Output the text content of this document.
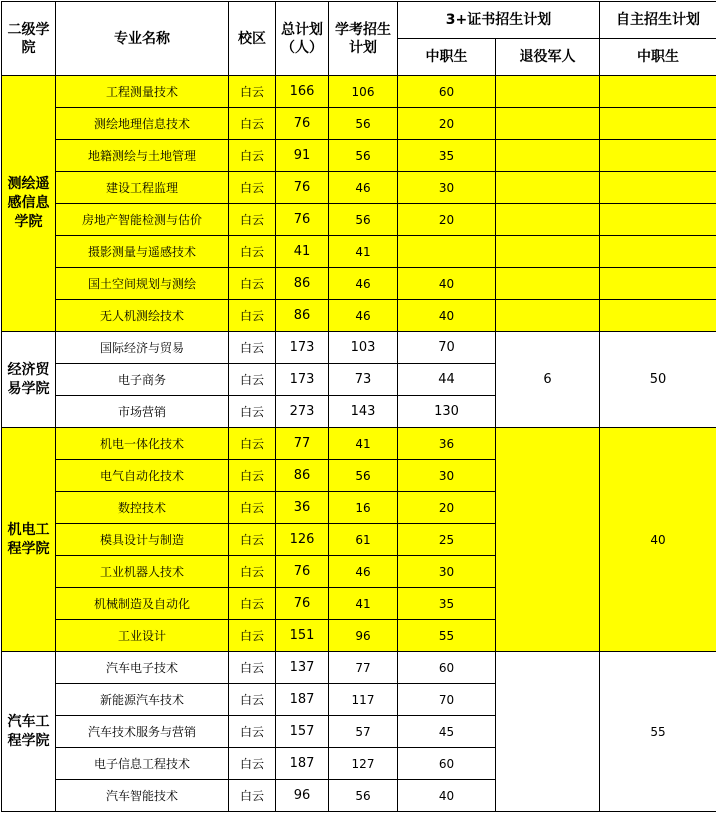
二级学院	专业名称	校区	总计划（人）	学考招生计划	3+证书招生计划		自主招生计划
					中职生	退役军人	中职生
测绘遥感信息学院	工程测量技术	白云	166	106	60		
	测绘地理信息技术	白云	76	56	20		
	地籍测绘与土地管理	白云	91	56	35		
	建设工程监理	白云	76	46	30		
	房地产智能检测与估价	白云	76	56	20		
	摄影测量与遥感技术	白云	41	41			
	国土空间规划与测绘	白云	86	46	40		
	无人机测绘技术	白云	86	46	40		
经济贸易学院	国际经济与贸易	白云	173	103	70	6	50
	电子商务	白云	173	73	44		
	市场营销	白云	273	143	130		
机电工程学院	机电一体化技术	白云	77	41	36		40
	电气自动化技术	白云	86	56	30		
	数控技术	白云	36	16	20		
	模具设计与制造	白云	126	61	25		
	工业机器人技术	白云	76	46	30		
	机械制造及自动化	白云	76	41	35		
	工业设计	白云	151	96	55		
汽车工程学院	汽车电子技术	白云	137	77	60		55
	新能源汽车技术	白云	187	117	70		
	汽车技术服务与营销	白云	157	57	45		
	电子信息工程技术	白云	187	127	60		
	汽车智能技术	白云	96	56	40		
